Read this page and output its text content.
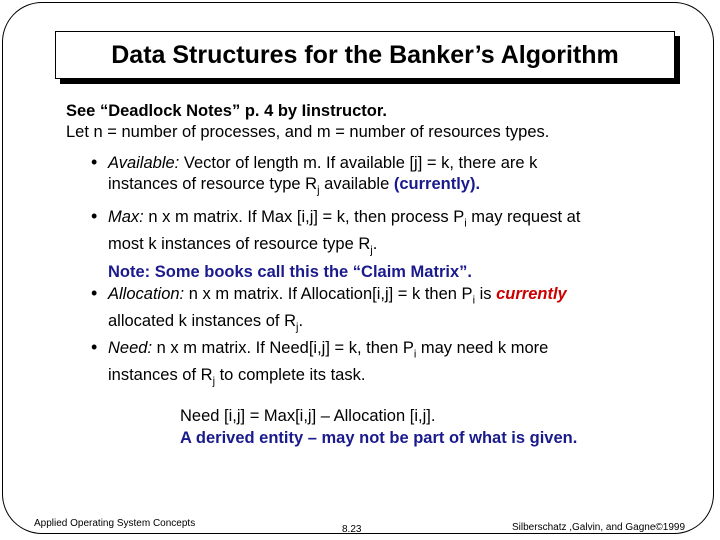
Data Structures for the Banker’s Algorithm
See “Deadlock Notes” p. 4 by Iinstructor.
Let n = number of processes, and m = number of resources types.
• Available: Vector of length m. If available [j] = k, there are k
instances of resource type $R_j$ available (currently).
• Max: n x m matrix. If Max [i,j] = k, then process $P_i$ may request at
most k instances of resource type $R_j$.
Note: Some books call this the “Claim Matrix”.
• Allocation: n x m matrix. If Allocation[i,j] = k then $P_i$ is currently
allocated k instances of $R_j$.
• Need: n x m matrix. If Need[i,j] = k, then $P_i$ may need k more
instances of $R_j$ to complete its task.
Need [i,j] = Max[i,j] – Allocation [i,j].
A derived entity – may not be part of what is given.
Applied Operating System Concepts
8.23	Silberschatz ,Galvin, and Gagne©1999
